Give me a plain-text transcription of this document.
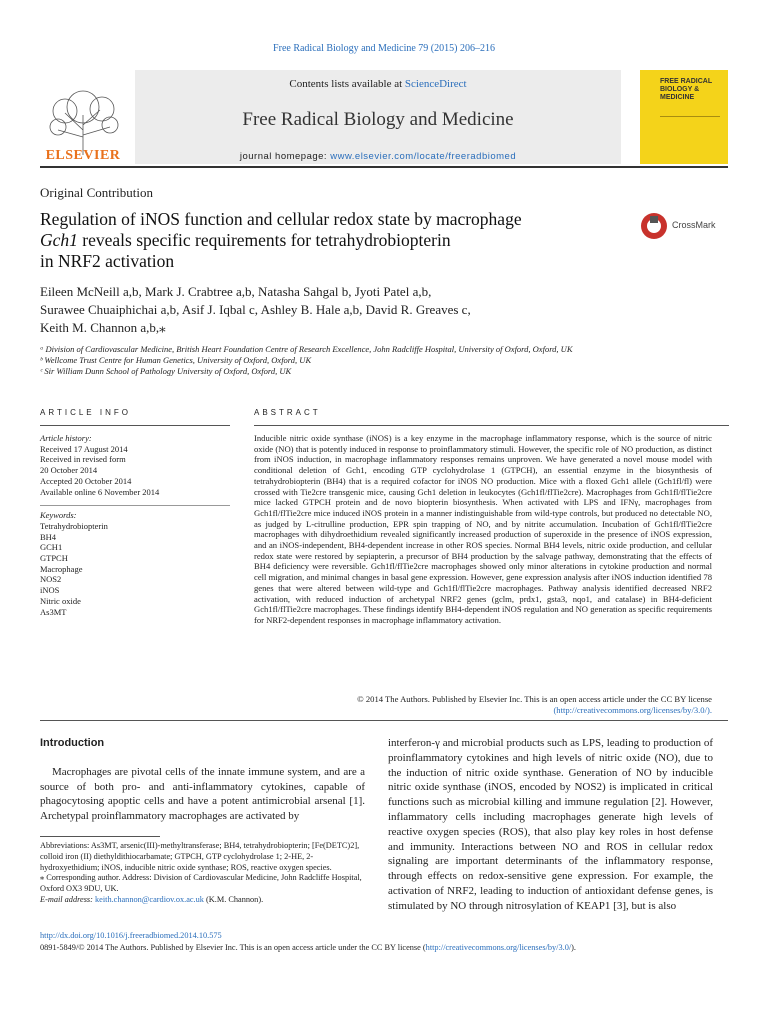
Free Radical Biology and Medicine 79 (2015) 206–216
ELSEVIER
Contents lists available at ScienceDirect
Free Radical Biology and Medicine
journal homepage: www.elsevier.com/locate/freeradbiomed
FREE RADICAL BIOLOGY & MEDICINE
Original Contribution
Regulation of iNOS function and cellular redox state by macrophage
Gch1 reveals specific requirements for tetrahydrobiopterin
in NRF2 activation
CrossMark
Eileen McNeill a,b, Mark J. Crabtree a,b, Natasha Sahgal b, Jyoti Patel a,b,
Surawee Chuaiphichai a,b, Asif J. Iqbal c, Ashley B. Hale a,b, David R. Greaves c,
Keith M. Channon a,b,⁎
ᵃ Division of Cardiovascular Medicine, British Heart Foundation Centre of Research Excellence, John Radcliffe Hospital, University of Oxford, Oxford, UK
ᵇ Wellcome Trust Centre for Human Genetics, University of Oxford, Oxford, UK
ᶜ Sir William Dunn School of Pathology University of Oxford, Oxford, UK
ARTICLE INFO	ABSTRACT
Article history:
Received 17 August 2014
Received in revised form
20 October 2014
Accepted 20 October 2014
Available online 6 November 2014
Keywords:
Tetrahydrobiopterin
BH4
GCH1
GTPCH
Macrophage
NOS2
iNOS
Nitric oxide
As3MT
Inducible nitric oxide synthase (iNOS) is a key enzyme in the macrophage inflammatory response, which is the source of nitric oxide (NO) that is potently induced in response to proinflammatory stimuli. However, the specific role of NO production, as distinct from iNOS induction, in macrophage inflammatory responses remains unproven. We have generated a novel mouse model with conditional deletion of Gch1, encoding GTP cyclohydrolase 1 (GTPCH), an essential enzyme in the biosynthesis of tetrahydrobiopterin (BH4) that is a required cofactor for iNOS NO production. Mice with a floxed Gch1 allele (Gch1fl/fl) were crossed with Tie2cre transgenic mice, causing Gch1 deletion in leukocytes (Gch1fl/flTie2cre). Macrophages from Gch1fl/flTie2cre mice lacked GTPCH protein and de novo biopterin biosynthesis. When activated with LPS and IFNγ, macrophages from Gch1fl/flTie2cre mice induced iNOS protein in a manner indistinguishable from wild-type controls, but produced no detectable NO, as judged by L-citrulline production, EPR spin trapping of NO, and by nitrite accumulation. Incubation of Gch1fl/flTie2cre macrophages with dihydroethidium revealed significantly increased production of superoxide in the presence of iNOS expression, and an iNOS-independent, BH4-dependent increase in other ROS species. Normal BH4 levels, nitric oxide production, and cellular redox state were restored by sepiapterin, a precursor of BH4 production by the salvage pathway, demonstrating that the effects of BH4 deficiency were reversible. Gch1fl/flTie2cre macrophages showed only minor alterations in cytokine production and normal cell migration, and minimal changes in basal gene expression. However, gene expression analysis after iNOS induction identified 78 genes that were altered between wild-type and Gch1fl/flTie2cre macrophages. Pathway analysis identified decreased NRF2 activation, with reduced induction of archetypal NRF2 genes (gclm, prdx1, gsta3, nqo1, and catalase) in BH4-deficient Gch1fl/flTie2cre macrophages. These findings identify BH4-dependent iNOS regulation and NO generation as specific requirements for NRF2-dependent responses in macrophage inflammatory activation.
© 2014 The Authors. Published by Elsevier Inc. This is an open access article under the CC BY license
(http://creativecommons.org/licenses/by/3.0/).
Introduction
Macrophages are pivotal cells of the innate immune system, and are a source of both pro- and anti-inflammatory cytokines, capable of phagocytosing apoptic cells and have a potent antimicrobial arsenal [1]. Archetypal proinflammatory macrophages are activated by
interferon-γ and microbial products such as LPS, leading to production of proinflammatory cytokines and high levels of nitric oxide (NO), due to the induction of nitric oxide synthase. Generation of NO by inducible nitric oxide synthase (iNOS, encoded by NOS2) is implicated in critical functions such as microbial killing and immune regulation [2]. However, inflammatory cells including macrophages generate high levels of reactive oxygen species (ROS), that also play key roles in host defense and immunity. Interactions between NO and ROS in cellular redox signaling are important determinants of the inflammatory response, through effects on redox-sensitive gene expression. For example, the activation of NRF2, leading to induction of antioxidant defense genes, is stimulated by NO through nitrosylation of KEAP1 [3], but is also
Abbreviations: As3MT, arsenic(III)-methyltransferase; BH4, tetrahydrobiopterin; [Fe(DETC)2], colloid iron (II) diethyldithiocarbamate; GTPCH, GTP cyclohydrolase 1; 2-HE, 2-hydroxyethidium; iNOS, inducible nitric oxide synthase; ROS, reactive oxygen species.
⁎ Corresponding author. Address: Division of Cardiovascular Medicine, John Radcliffe Hospital, Oxford OX3 9DU, UK.
E-mail address: keith.channon@cardiov.ox.ac.uk (K.M. Channon).
http://dx.doi.org/10.1016/j.freeradbiomed.2014.10.575
0891-5849/© 2014 The Authors. Published by Elsevier Inc. This is an open access article under the CC BY license (http://creativecommons.org/licenses/by/3.0/).
